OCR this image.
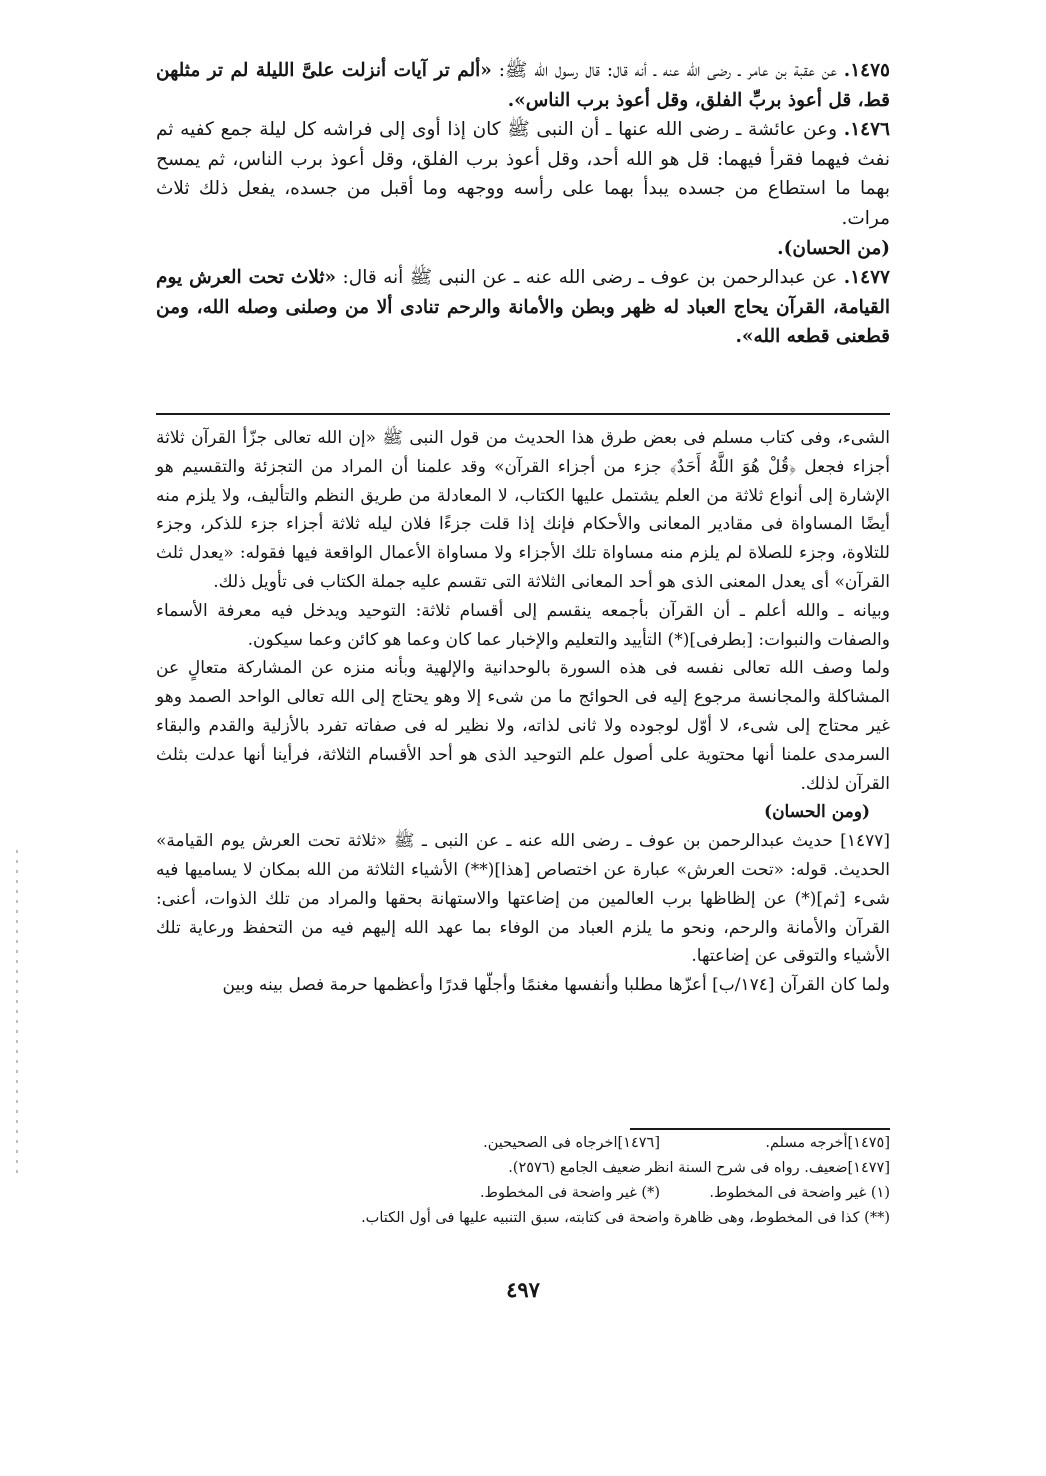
١٤٧٥. عن عقبة بن عامر ـ رضى الله عنه ـ أنه قال: قال رسول الله ﷺ: «ألم تر آيات أنزلت علىَّ الليلة لم تر مثلهن قط، قل أعوذ بربِّ الفلق، وقل أعوذ برب الناس».

١٤٧٦. وعن عائشة ـ رضى الله عنها ـ أن النبى ﷺ كان إذا أوى إلى فراشه كل ليلة جمع كفيه ثم نفث فيهما فقرأ فيهما: قل هو الله أحد، وقل أعوذ برب الفلق، وقل أعوذ برب الناس، ثم يمسح بهما ما استطاع من جسده يبدأ بهما على رأسه ووجهه وما أقبل من جسده، يفعل ذلك ثلاث مرات.

(من الحسان).

١٤٧٧. عن عبدالرحمن بن عوف ـ رضى الله عنه ـ عن النبى ﷺ أنه قال: «ثلاث تحت العرش يوم القيامة، القرآن يحاج العباد له ظهر وبطن والأمانة والرحم تنادى ألا من وصلنى وصله الله، ومن قطعنى قطعه الله».

الشىء، وفى كتاب مسلم فى بعض طرق هذا الحديث من قول النبى ﷺ «إن الله تعالى جزّأ القرآن ثلاثة أجزاء فجعل ﴿قُلْ هُوَ اللَّهُ أَحَدٌ﴾ جزء من أجزاء القرآن» وقد علمنا أن المراد من التجزئة والتقسيم هو الإشارة إلى أنواع ثلاثة من العلم يشتمل عليها الكتاب، لا المعادلة من طريق النظم والتأليف، ولا يلزم منه أيضًا المساواة فى مقادير المعانى والأحكام فإنك إذا قلت جزءًا فلان ليله ثلاثة أجزاء جزء للذكر، وجزء للتلاوة، وجزء للصلاة لم يلزم منه مساواة تلك الأجزاء ولا مساواة الأعمال الواقعة فيها فقوله: «يعدل ثلث القرآن» أى يعدل المعنى الذى هو أحد المعانى الثلاثة التى تقسم عليه جملة الكتاب فى تأويل ذلك.

وبيانه ـ والله أعلم ـ أن القرآن بأجمعه ينقسم إلى أقسام ثلاثة: التوحيد ويدخل فيه معرفة الأسماء والصفات والنبوات: [بطرفى](*) التأييد والتعليم والإخبار عما كان وعما هو كائن وعما سيكون.

ولما وصف الله تعالى نفسه فى هذه السورة بالوحدانية والإلهية وبأنه منزه عن المشاركة متعالٍ عن المشاكلة والمجانسة مرجوع إليه فى الحوائج ما من شىء إلا وهو يحتاج إلى الله تعالى الواحد الصمد وهو غير محتاج إلى شىء، لا أوّل لوجوده ولا ثانى لذاته، ولا نظير له فى صفاته تفرد بالأزلية والقدم والبقاء السرمدى علمنا أنها محتوية على أصول علم التوحيد الذى هو أحد الأقسام الثلاثة، فرأينا أنها عدلت بثلث القرآن لذلك.

(ومن الحسان)

[١٤٧٧] حديث عبدالرحمن بن عوف ـ رضى الله عنه ـ عن النبى ـ ﷺ «ثلاثة تحت العرش يوم القيامة» الحديث. قوله: «تحت العرش» عبارة عن اختصاص [هذا](**) الأشياء الثلاثة من الله بمكان لا يساميها فيه شىء [ثم](*) عن إلظاظها برب العالمين من إضاعتها والاستهانة بحقها والمراد من تلك الذوات، أعنى: القرآن والأمانة والرحم، ونحو ما يلزم العباد من الوفاء بما عهد الله إليهم فيه من التحفظ ورعاية تلك الأشياء والتوقى عن إضاعتها.

ولما كان القرآن [١٧٤/ب] أعزّها مطلبا وأنفسها مغنمًا وأجلّها قدرًا وأعظمها حرمة فصل بينه وبين

[١٤٧٥]أخرجه مسلم.
[١٤٧٦]اخرجاه فى الصحيحين.

[١٤٧٧]ضعيف. رواه فى شرح السنة انظر ضعيف الجامع (٢٥٧٦).

(١) غير واضحة فى المخطوط.
(*) غير واضحة فى المخطوط.

(**) كذا فى المخطوط، وهى ظاهرة واضحة فى كتابته، سبق التنبيه عليها فى أول الكتاب.

٤٩٧
